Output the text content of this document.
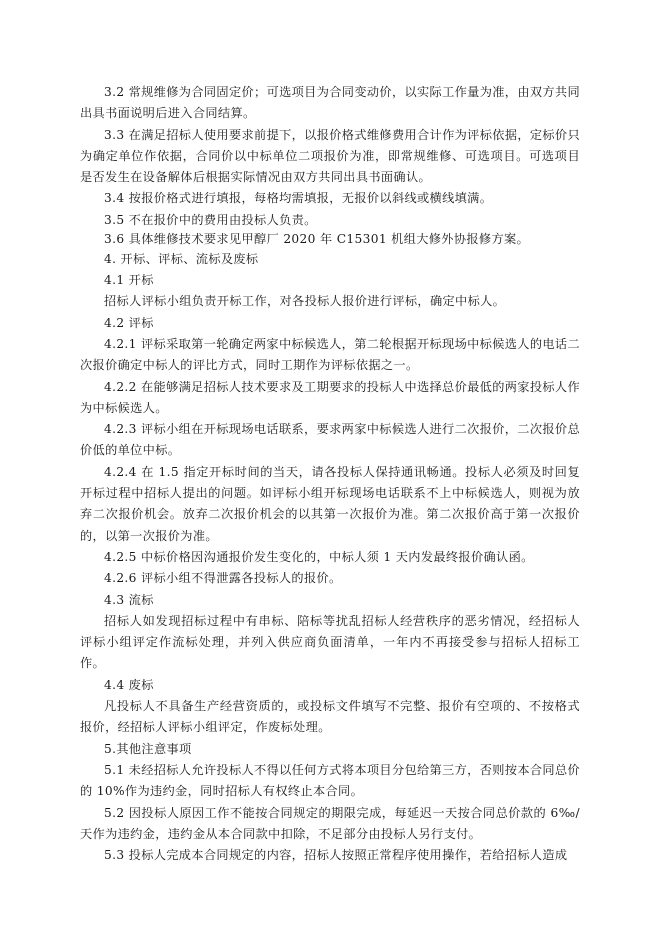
3.2 常规维修为合同固定价；可选项目为合同变动价，以实际工作量为准，由双方共同出具书面说明后进入合同结算。

3.3 在满足招标人使用要求前提下，以报价格式维修费用合计作为评标依据，定标价只为确定单位作依据，合同价以中标单位二项报价为准，即常规维修、可选项目。可选项目是否发生在设备解体后根据实际情况由双方共同出具书面确认。

3.4 按报价格式进行填报，每格均需填报，无报价以斜线或横线填满。

3.5 不在报价中的费用由投标人负责。

3.6 具体维修技术要求见甲醇厂 2020 年 C15301 机组大修外协报修方案。

4. 开标、评标、流标及废标

4.1 开标

招标人评标小组负责开标工作，对各投标人报价进行评标，确定中标人。

4.2 评标

4.2.1 评标采取第一轮确定两家中标候选人，第二轮根据开标现场中标候选人的电话二次报价确定中标人的评比方式，同时工期作为评标依据之一。

4.2.2 在能够满足招标人技术要求及工期要求的投标人中选择总价最低的两家投标人作为中标候选人。

4.2.3 评标小组在开标现场电话联系，要求两家中标候选人进行二次报价，二次报价总价低的单位中标。

4.2.4 在 1.5 指定开标时间的当天，请各投标人保持通讯畅通。投标人必须及时回复开标过程中招标人提出的问题。如评标小组开标现场电话联系不上中标候选人，则视为放弃二次报价机会。放弃二次报价机会的以其第一次报价为准。第二次报价高于第一次报价的，以第一次报价为准。

4.2.5 中标价格因沟通报价发生变化的，中标人须 1 天内发最终报价确认函。

4.2.6 评标小组不得泄露各投标人的报价。

4.3 流标

招标人如发现招标过程中有串标、陪标等扰乱招标人经营秩序的恶劣情况，经招标人评标小组评定作流标处理，并列入供应商负面清单，一年内不再接受参与招标人招标工作。

4.4 废标

凡投标人不具备生产经营资质的，或投标文件填写不完整、报价有空项的、不按格式报价，经招标人评标小组评定，作废标处理。

5.其他注意事项

5.1 未经招标人允许投标人不得以任何方式将本项目分包给第三方，否则按本合同总价的 10%作为违约金，同时招标人有权终止本合同。

5.2 因投标人原因工作不能按合同规定的期限完成，每延迟一天按合同总价款的 6‰/天作为违约金，违约金从本合同款中扣除，不足部分由投标人另行支付。

5.3 投标人完成本合同规定的内容，招标人按照正常程序使用操作，若给招标人造成
